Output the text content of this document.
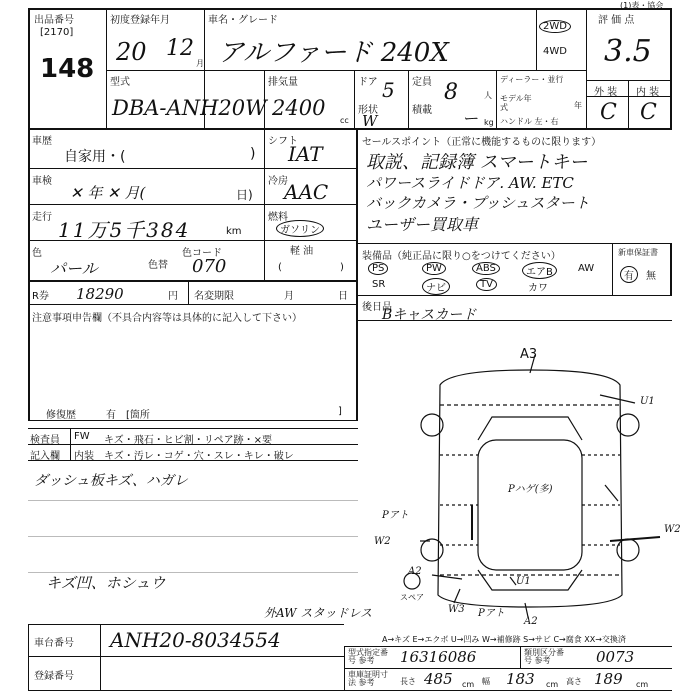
出品番号
[2170]
148
初度登録年月
20 12
月
車名・グレード
アルファード 240X
2WD
4WD
(1)表・協会
評 価 点
3.5
外 装 内 装
C C
型式
DBA-ANH20W
排気量
2400
cc
ドア 5 定員 8	人
形状
W
積載 ー kg
ディーラー・並行
モデル年式	年
ハンドル 左・右
車歴
自家用・(	)
シフト
IAT
車検
✕ 年 ✕ 月(	日)
冷房
AAC
走行
11万5千384	km
燃料
ガソリン
軽 油
(	)
色
パール	色替
色コード
070
R券 18290	円 名変期限	月	日
注意事項申告欄（不具合内容等は具体的に記入して下さい）
修復歴	有 [箇所	]
セールスポイント（正常に機能するものに限ります）
取説、記録簿 スマートキー
パワースライドドア. AW. ETC
バックカメラ・プッシュスタート
ユーザー買取車
装備品（純正品に限り○をつけてください）	新車保証書
有	無
PS	PW	ABS	エアB	AW
SR	ナビ	TV	カワ
後日品
Bキャスカード
検査員
記入欄
FW キズ・飛石・ヒビ割・リペア跡・×要
内装 キズ・汚レ・コゲ・穴・スレ・キレ・破レ
ダッシュ板キズ、ハガレ
キズ凹、ホシュウ
外AW スタッドレス
A3
U1
Pハゲ(多)
Pアト
W2
W2
A2
U1
W3
スペア
Pアト
A2
車台番号 ANH20-8034554	A→キズ E→エクボ U→凹み W→補修跡 S→サビ C→腐食 XX→交換済
登録番号
型式指定番号 参考	16316086	類別区分番号 参考	0073
車庫証明寸法 参考	長さ 485 cm 幅 183 cm 高さ 189 cm
